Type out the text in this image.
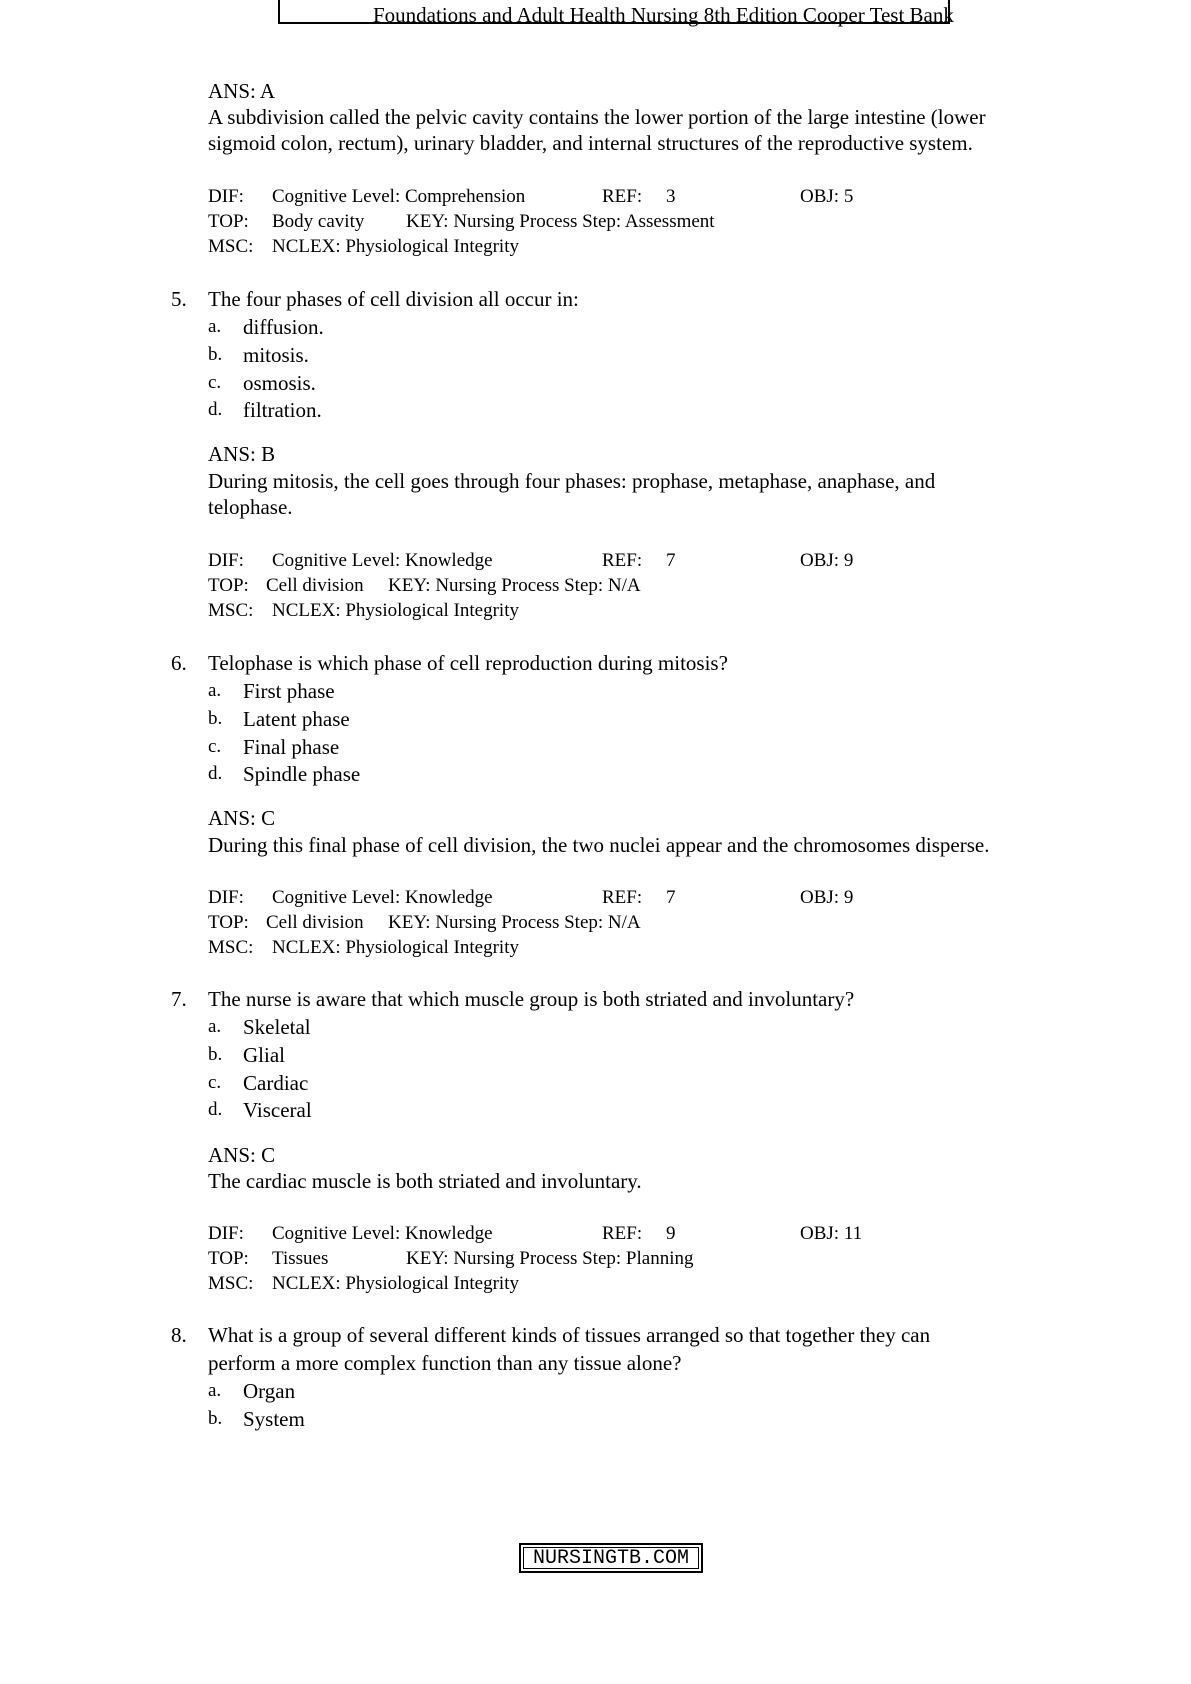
Foundations and Adult Health Nursing 8th Edition Cooper Test Bank
ANS: A
A subdivision called the pelvic cavity contains the lower portion of the large intestine (lower
sigmoid colon, rectum), urinary bladder, and internal structures of the reproductive system.
DIF: Cognitive Level: Comprehension	REF: 3	OBJ: 5
TOP: Body cavity KEY: Nursing Process Step: Assessment
MSC: NCLEX: Physiological Integrity
5. The four phases of cell division all occur in:
a. diffusion.
b. mitosis.
c. osmosis.
d. filtration.
ANS: B
During mitosis, the cell goes through four phases: prophase, metaphase, anaphase, and
telophase.
DIF: Cognitive Level: Knowledge	REF: 7	OBJ: 9
TOP: Cell division KEY: Nursing Process Step: N/A
MSC: NCLEX: Physiological Integrity
6. Telophase is which phase of cell reproduction during mitosis?
a. First phase
b. Latent phase
c. Final phase
d. Spindle phase
ANS: C
During this final phase of cell division, the two nuclei appear and the chromosomes disperse.
DIF: Cognitive Level: Knowledge	REF: 7	OBJ: 9
TOP: Cell division KEY: Nursing Process Step: N/A
MSC: NCLEX: Physiological Integrity
7. The nurse is aware that which muscle group is both striated and involuntary?
a. Skeletal
b. Glial
c. Cardiac
d. Visceral
ANS: C
The cardiac muscle is both striated and involuntary.
DIF: Cognitive Level: Knowledge	REF: 9	OBJ: 11
TOP: Tissues	KEY: Nursing Process Step: Planning
MSC: NCLEX: Physiological Integrity
8. What is a group of several different kinds of tissues arranged so that together they can
perform a more complex function than any tissue alone?
a. Organ
b. System
NURSINGTB.COM
